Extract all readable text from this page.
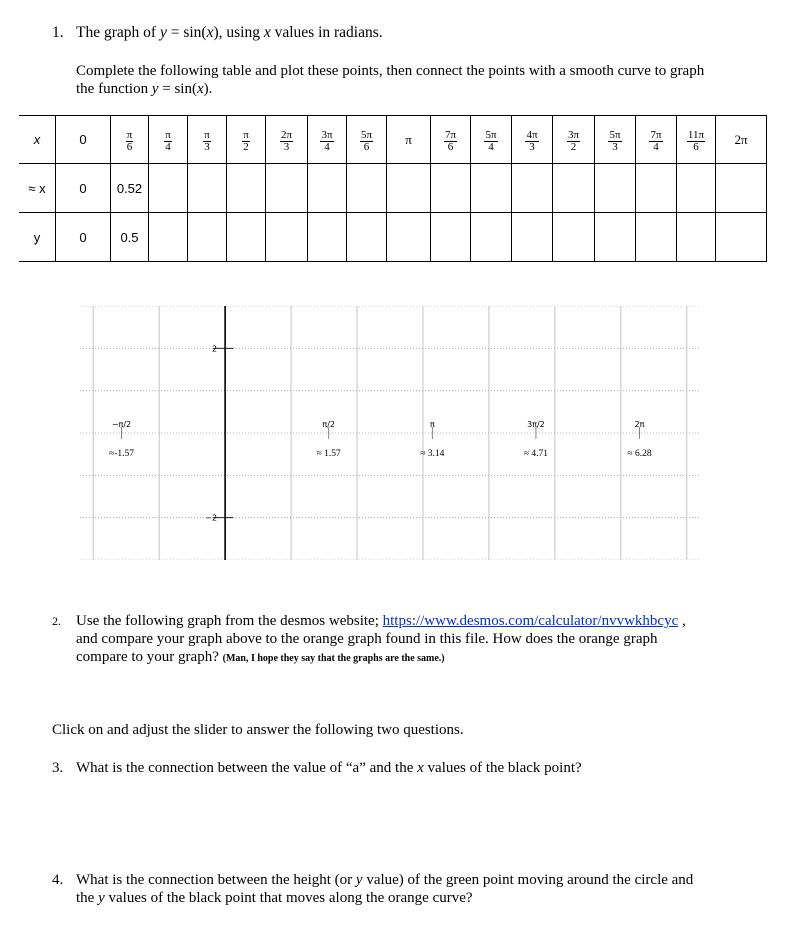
1. The graph of y = sin(x), using x values in radians.
Complete the following table and plot these points, then connect the points with a smooth curve to graph
the function y = sin(x).
x	0	$\frac{\pi}{6}$	$\frac{\pi}{4}$	$\frac{\pi}{3}$	$\frac{\pi}{2}$	$\frac{2\pi}{3}$	$\frac{3\pi}{4}$	$\frac{5\pi}{6}$	π	$\frac{7\pi}{6}$	$\frac{5\pi}{4}$	$\frac{4\pi}{3}$	$\frac{3\pi}{2}$	$\frac{5\pi}{3}$	$\frac{7\pi}{4}$	$\frac{11\pi}{6}$	2π
≈ x	0	0.52															
y	0	0.5															
2
−2
−π/2
≈-1.57
π/2
≈ 1.57
π
≈ 3.14
3π/2
≈ 4.71
2π
≈ 6.28
2. Use the following graph from the desmos website; https://www.desmos.com/calculator/nvvwkhbcyc ,
and compare your graph above to the orange graph found in this file. How does the orange graph
compare to your graph? (Man, I hope they say that the graphs are the same.)
Click on and adjust the slider to answer the following two questions.
3. What is the connection between the value of “a” and the x values of the black point?
4. What is the connection between the height (or y value) of the green point moving around the circle and
the y values of the black point that moves along the orange curve?
